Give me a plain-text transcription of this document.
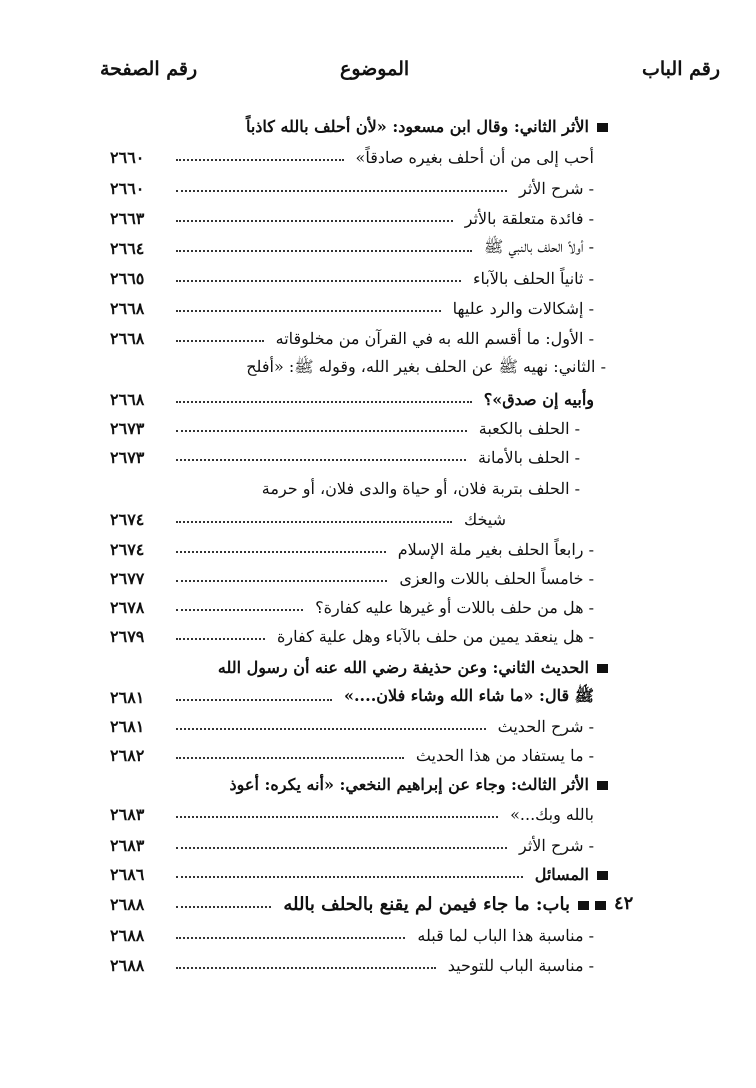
رقم الباب
الموضوع
رقم الصفحة
الأثر الثاني: وقال ابن مسعود: «لأن أحلف بالله كاذباً
أحب إلى من أن أحلف بغيره صادقاً»
٢٦٦٠
- شرح الأثر
٢٦٦٠
- فائدة متعلقة بالأثر
٢٦٦٣
- أولاً الحلف بالنبي ﷺ
٢٦٦٤
- ثانياً الحلف بالآباء
٢٦٦٥
- إشكالات والرد عليها
٢٦٦٨
- الأول: ما أقسم الله به في القرآن من مخلوقاته
٢٦٦٨
- الثاني: نهيه ﷺ عن الحلف بغير الله، وقوله ﷺ: «أفلح
وأبيه إن صدق»؟
٢٦٦٨
- الحلف بالكعبة
٢٦٧٣
- الحلف بالأمانة
٢٦٧٣
- الحلف بتربة فلان، أو حياة والدى فلان، أو حرمة
شيخك
٢٦٧٤
- رابعاً الحلف بغير ملة الإسلام
٢٦٧٤
- خامساً الحلف باللات والعزى
٢٦٧٧
- هل من حلف باللات أو غيرها عليه كفارة؟
٢٦٧٨
- هل ينعقد يمين من حلف بالآباء وهل علية كفارة
٢٦٧٩
الحديث الثاني: وعن حذيفة رضي الله عنه أن رسول الله
ﷺ قال: «ما شاء الله وشاء فلان....»
٢٦٨١
- شرح الحديث
٢٦٨١
- ما يستفاد من هذا الحديث
٢٦٨٢
الأثر الثالث: وجاء عن إبراهيم النخعي: «أنه يكره: أعوذ
بالله وبك...»
٢٦٨٣
- شرح الأثر
٢٦٨٣
المسائل
٢٦٨٦
باب: ما جاء فيمن لم يقنع بالحلف بالله
٢٦٨٨
- مناسبة هذا الباب لما قبله
٢٦٨٨
- مناسبة الباب للتوحيد
٢٦٨٨
٤٢
